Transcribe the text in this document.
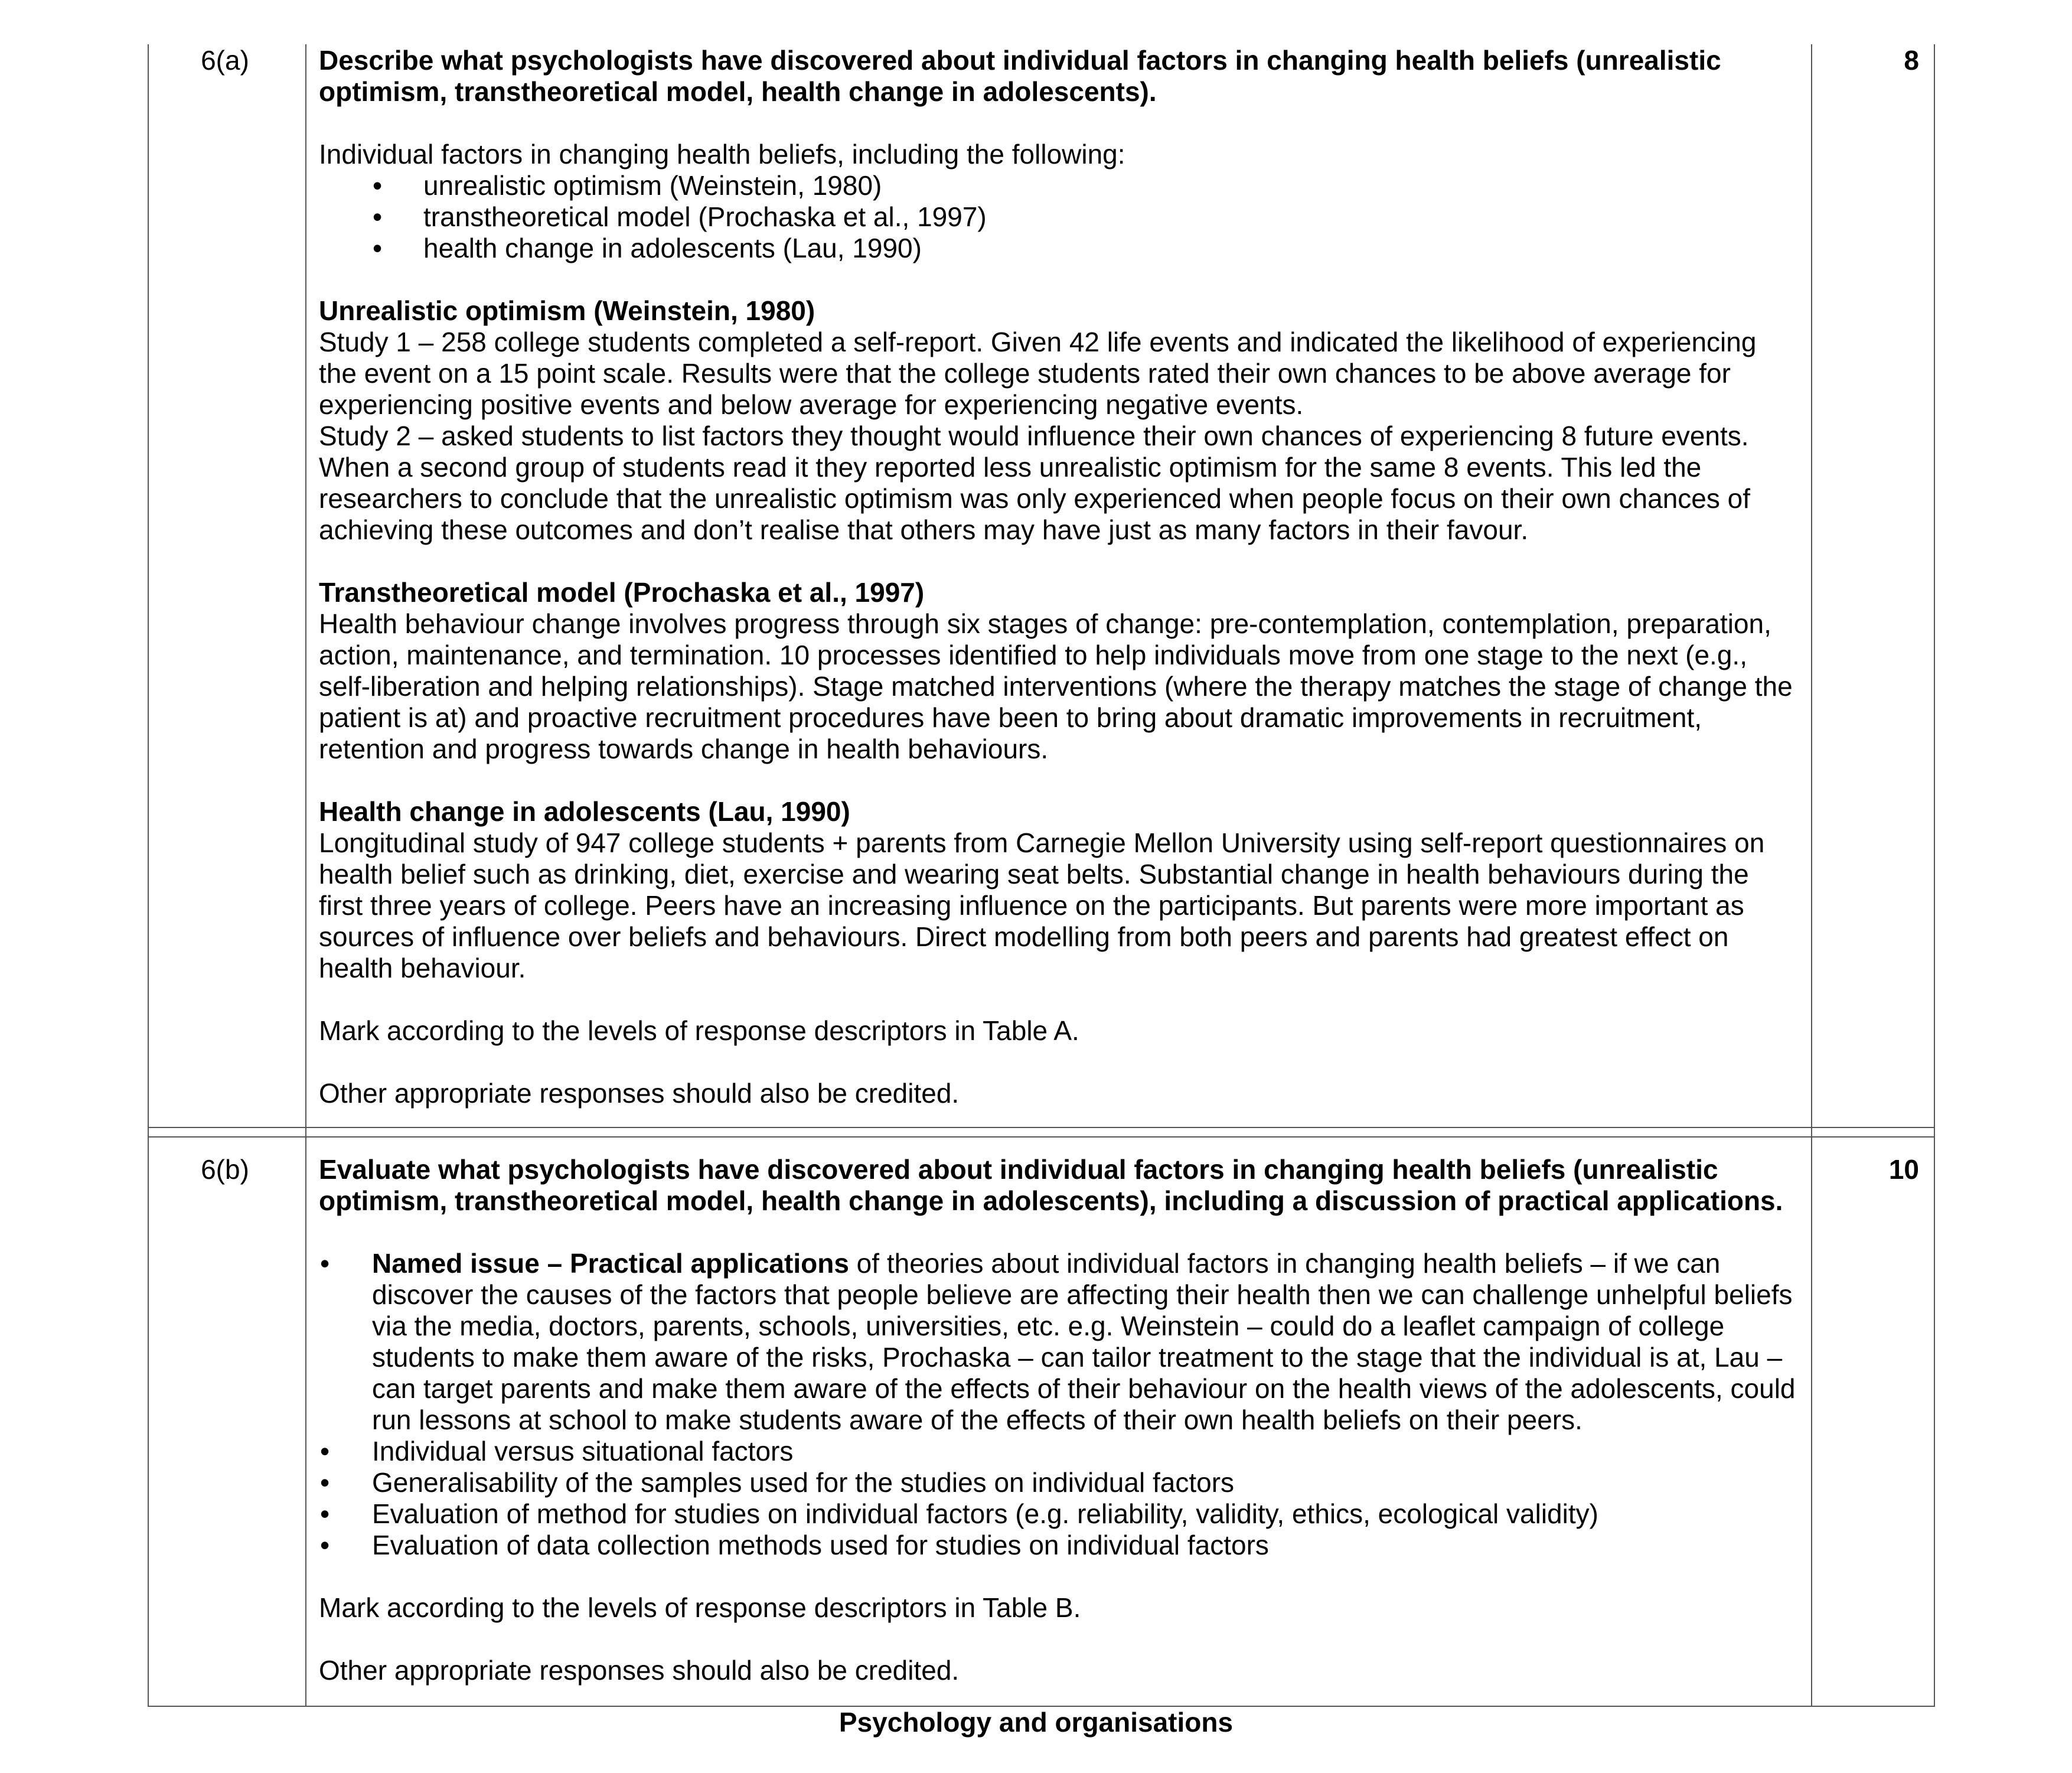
6(a)	8

Describe what psychologists have discovered about individual factors in changing health beliefs (unrealistic optimism, transtheoretical model, health change in adolescents).

Individual factors in changing health beliefs, including the following:

• unrealistic optimism (Weinstein, 1980)
• transtheoretical model (Prochaska et al., 1997)
• health change in adolescents (Lau, 1990)

Unrealistic optimism (Weinstein, 1980)

Study 1 – 258 college students completed a self-report. Given 42 life events and indicated the likelihood of experiencing

the event on a 15 point scale. Results were that the college students rated their own chances to be above average for

experiencing positive events and below average for experiencing negative events.

Study 2 – asked students to list factors they thought would influence their own chances of experiencing 8 future events.

When a second group of students read it they reported less unrealistic optimism for the same 8 events. This led the

researchers to conclude that the unrealistic optimism was only experienced when people focus on their own chances of

achieving these outcomes and don’t realise that others may have just as many factors in their favour.

Transtheoretical model (Prochaska et al., 1997)

Health behaviour change involves progress through six stages of change: pre-contemplation, contemplation, preparation,

action, maintenance, and termination. 10 processes identified to help individuals move from one stage to the next (e.g.,

self-liberation and helping relationships). Stage matched interventions (where the therapy matches the stage of change the

patient is at) and proactive recruitment procedures have been to bring about dramatic improvements in recruitment,

retention and progress towards change in health behaviours.

Health change in adolescents (Lau, 1990)

Longitudinal study of 947 college students + parents from Carnegie Mellon University using self-report questionnaires on

health belief such as drinking, diet, exercise and wearing seat belts. Substantial change in health behaviours during the

first three years of college. Peers have an increasing influence on the participants. But parents were more important as

sources of influence over beliefs and behaviours. Direct modelling from both peers and parents had greatest effect on

health behaviour.

Mark according to the levels of response descriptors in Table A.

Other appropriate responses should also be credited.

6(b)	10

Evaluate what psychologists have discovered about individual factors in changing health beliefs (unrealistic optimism, transtheoretical model, health change in adolescents), including a discussion of practical applications.

• Named issue – Practical applications of theories about individual factors in changing health beliefs – if we can
discover the causes of the factors that people believe are affecting their health then we can challenge unhelpful beliefs
via the media, doctors, parents, schools, universities, etc. e.g. Weinstein – could do a leaflet campaign of college
students to make them aware of the risks, Prochaska – can tailor treatment to the stage that the individual is at, Lau –
can target parents and make them aware of the effects of their behaviour on the health views of the adolescents, could
run lessons at school to make students aware of the effects of their own health beliefs on their peers.
• Individual versus situational factors
• Generalisability of the samples used for the studies on individual factors
• Evaluation of method for studies on individual factors (e.g. reliability, validity, ethics, ecological validity)
• Evaluation of data collection methods used for studies on individual factors

Mark according to the levels of response descriptors in Table B.

Other appropriate responses should also be credited.

Psychology and organisations
